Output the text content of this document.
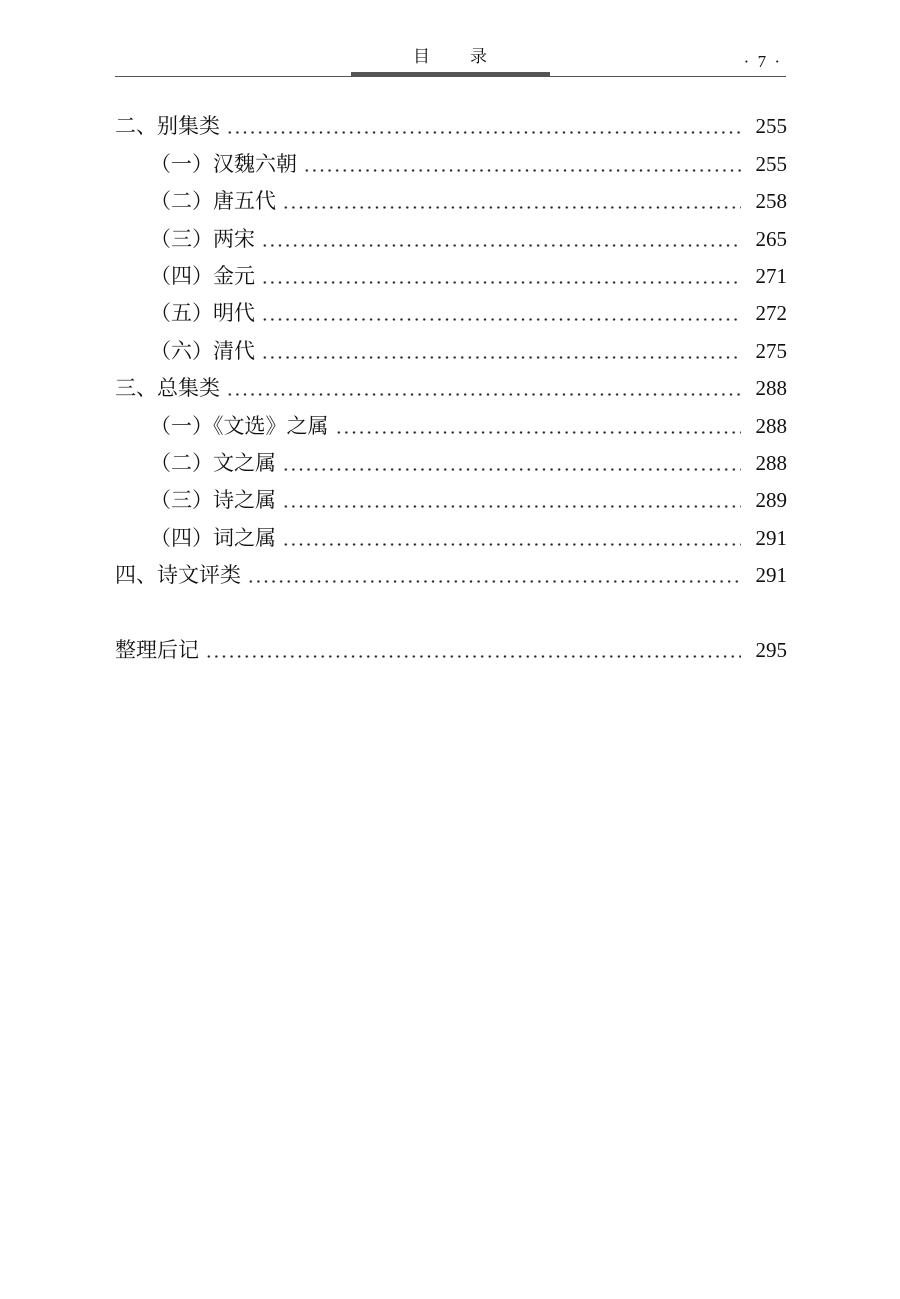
目录	· 7 ·
二、别集类	255
（一）汉魏六朝	255
（二）唐五代	258
（三）两宋	265
（四）金元	271
（五）明代	272
（六）清代	275
三、总集类	288
（一）《文选》之属	288
（二）文之属	288
（三）诗之属	289
（四）词之属	291
四、诗文评类	291
整理后记	295
